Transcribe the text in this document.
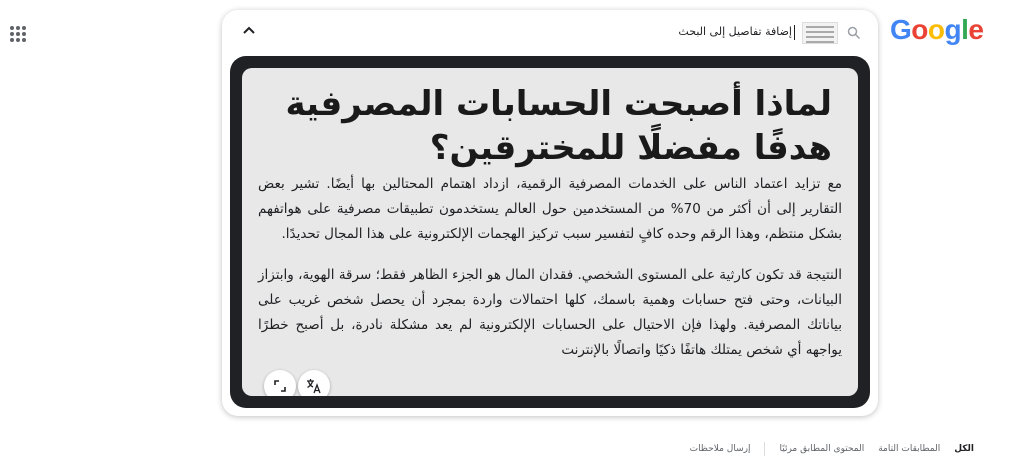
Google
إضافة تفاصيل إلى البحث
لماذا أصبحت الحسابات المصرفية هدفًا مفضلًا للمخترقين؟

مع تزايد اعتماد الناس على الخدمات المصرفية الرقمية، ازداد اهتمام المحتالين بها أيضًا. تشير بعض التقارير إلى أن أكثر من 70% من المستخدمين حول العالم يستخدمون تطبيقات مصرفية على هواتفهم بشكل منتظم، وهذا الرقم وحده كافٍ لتفسير سبب تركيز الهجمات الإلكترونية على هذا المجال تحديدًا.

النتيجة قد تكون كارثية على المستوى الشخصي. فقدان المال هو الجزء الظاهر فقط؛ سرقة الهوية، وابتزاز البيانات، وحتى فتح حسابات وهمية باسمك، كلها احتمالات واردة بمجرد أن يحصل شخص غريب على بياناتك المصرفية. ولهذا فإن الاحتيال على الحسابات الإلكترونية لم يعد مشكلة نادرة، بل أصبح خطرًا يواجهه أي شخص يمتلك هاتفًا ذكيًا واتصالًا بالإنترنت

الكل
المطابقات التامة
المحتوى المطابق مرئيًا
إرسال ملاحظات
